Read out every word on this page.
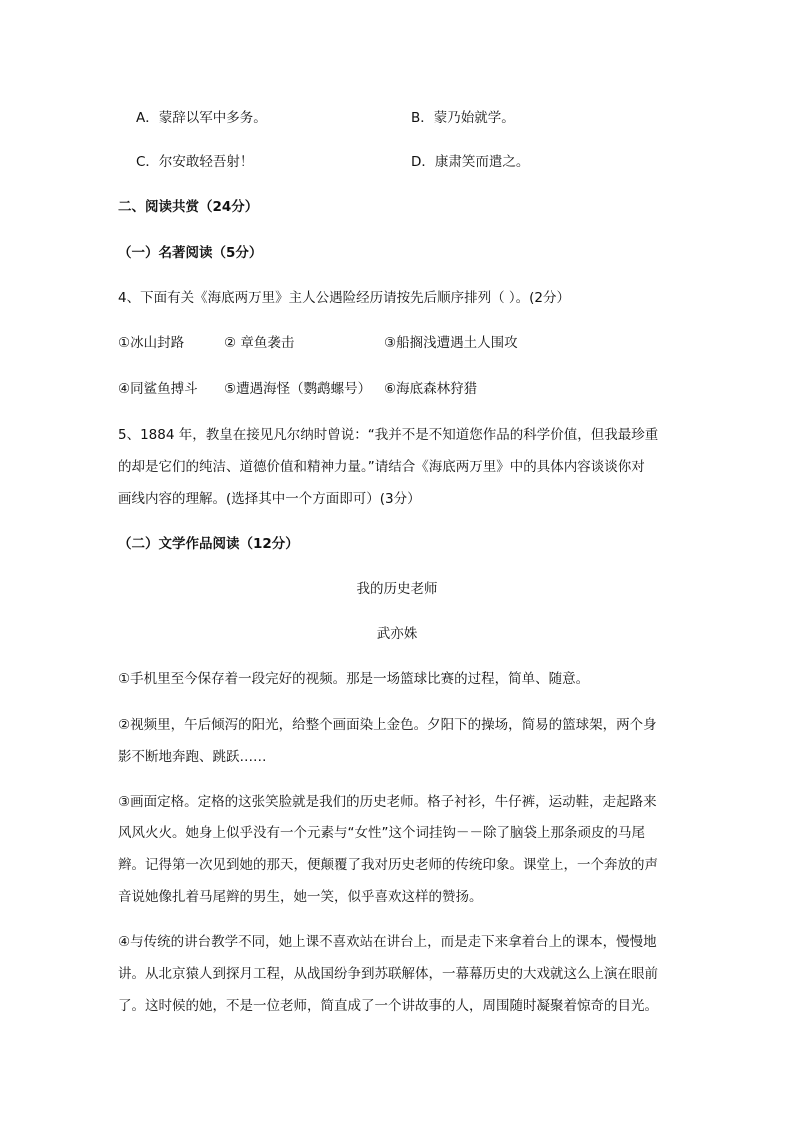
A．蒙辞以军中多务。	B．蒙乃始就学。
C．尔安敢轻吾射！	D．康肃笑而遣之。
二、阅读共赏（24分）
（一）名著阅读（5分）
4、下面有关《海底两万里》主人公遇险经历请按先后顺序排列（ ）。(2分）
①冰山封路	② 章鱼袭击	③船搁浅遭遇土人围攻
④同鲨鱼搏斗 ⑤遭遇海怪（鹦鹉螺号） ⑥海底森林狩猎
5、1884 年，教皇在接见凡尔纳时曾说：“我并不是不知道您作品的科学价值，但我最珍重
的却是它们的纯洁、道德价值和精神力量。”请结合《海底两万里》中的具体内容谈谈你对
画线内容的理解。(选择其中一个方面即可）(3分）
（二）文学作品阅读（12分）
我的历史老师
武亦姝
①手机里至今保存着一段完好的视频。那是一场篮球比赛的过程，简单、随意。
②视频里，午后倾泻的阳光，给整个画面染上金色。夕阳下的操场，简易的篮球架，两个身
影不断地奔跑、跳跃……
③画面定格。定格的这张笑脸就是我们的历史老师。格子衬衫，牛仔裤，运动鞋，走起路来
风风火火。她身上似乎没有一个元素与“女性”这个词挂钩－－除了脑袋上那条顽皮的马尾
辫。记得第一次见到她的那天，便颠覆了我对历史老师的传统印象。课堂上，一个奔放的声
音说她像扎着马尾辫的男生，她一笑，似乎喜欢这样的赞扬。
④与传统的讲台教学不同，她上课不喜欢站在讲台上，而是走下来拿着台上的课本，慢慢地
讲。从北京猿人到探月工程，从战国纷争到苏联解体，一幕幕历史的大戏就这么上演在眼前
了。这时候的她，不是一位老师，简直成了一个讲故事的人，周围随时凝聚着惊奇的目光。
